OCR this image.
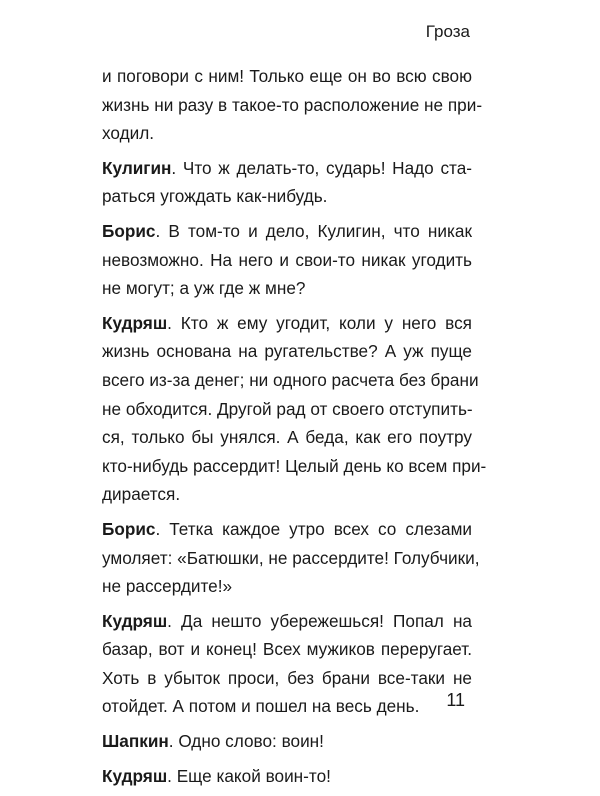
Гроза
и поговори с ним! Только еще он во всю свою
жизнь ни разу в такое-то расположение не при-
ходил.
Кулигин. Что ж делать-то, сударь! Надо ста-
раться угождать как-нибудь.
Борис. В том-то и дело, Кулигин, что никак
невозможно. На него и свои-то никак угодить
не могут; а уж где ж мне?
Кудряш. Кто ж ему угодит, коли у него вся
жизнь основана на ругательстве? А уж пуще
всего из-за денег; ни одного расчета без брани
не обходится. Другой рад от своего отступить-
ся, только бы унялся. А беда, как его поутру
кто-нибудь рассердит! Целый день ко всем при-
дирается.
Борис. Тетка каждое утро всех со слезами
умоляет: «Батюшки, не рассердите! Голубчики,
не рассердите!»
Кудряш. Да нешто убережешься! Попал на
базар, вот и конец! Всех мужиков переругает.
Хоть в убыток проси, без брани все-таки не
отойдет. А потом и пошел на весь день.
Шапкин. Одно слово: воин!
Кудряш. Еще какой воин-то!
11
